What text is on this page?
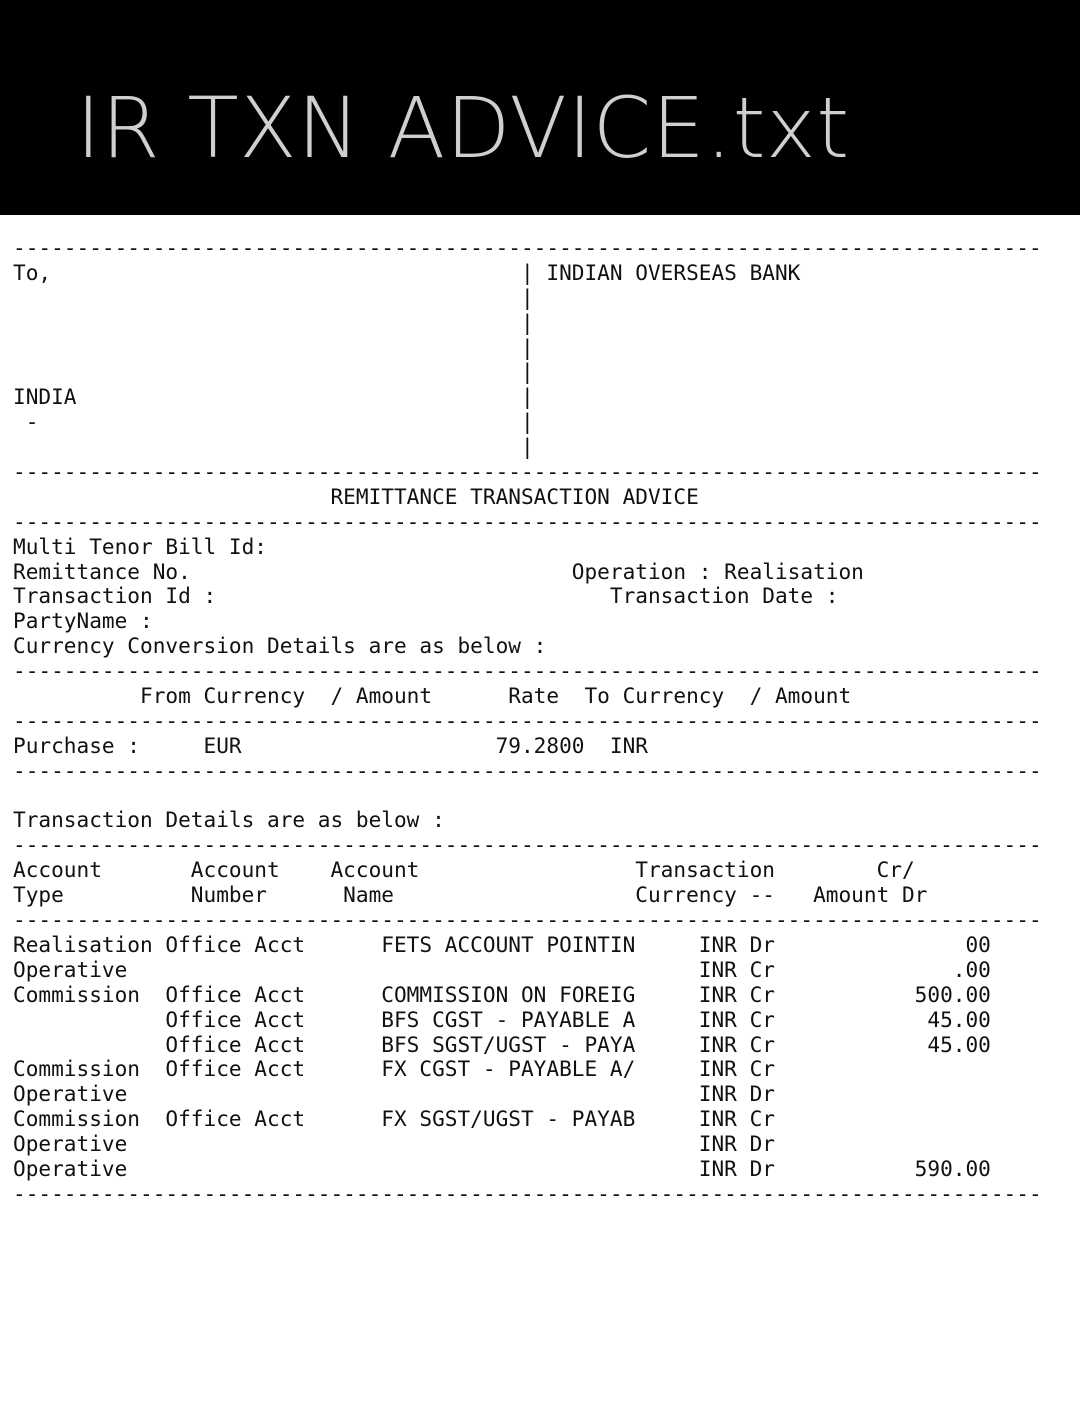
IR TXN ADVICE.txt
---------------------------------------------------------------------------------
To,                                     | INDIAN OVERSEAS BANK
|
|
|
|
INDIA                                   |
-                                      |
|
---------------------------------------------------------------------------------
REMITTANCE TRANSACTION ADVICE
---------------------------------------------------------------------------------
Multi Tenor Bill Id:
Remittance No.                              Operation : Realisation
Transaction Id :                               Transaction Date :
PartyName :
Currency Conversion Details are as below :
---------------------------------------------------------------------------------
From Currency  / Amount      Rate  To Currency  / Amount
---------------------------------------------------------------------------------
Purchase :     EUR                    79.2800  INR
---------------------------------------------------------------------------------
Transaction Details are as below :
---------------------------------------------------------------------------------
Account       Account    Account                 Transaction        Cr/
Type          Number      Name                   Currency --   Amount Dr
---------------------------------------------------------------------------------
Realisation Office Acct      FETS ACCOUNT POINTIN     INR Dr               00
Operative                                             INR Cr              .00
Commission  Office Acct      COMMISSION ON FOREIG     INR Cr           500.00
Office Acct      BFS CGST - PAYABLE A     INR Cr            45.00
Office Acct      BFS SGST/UGST - PAYA     INR Cr            45.00
Commission  Office Acct      FX CGST - PAYABLE A/     INR Cr
Operative                                             INR Dr
Commission  Office Acct      FX SGST/UGST - PAYAB     INR Cr
Operative                                             INR Dr
Operative                                             INR Dr           590.00
---------------------------------------------------------------------------------
